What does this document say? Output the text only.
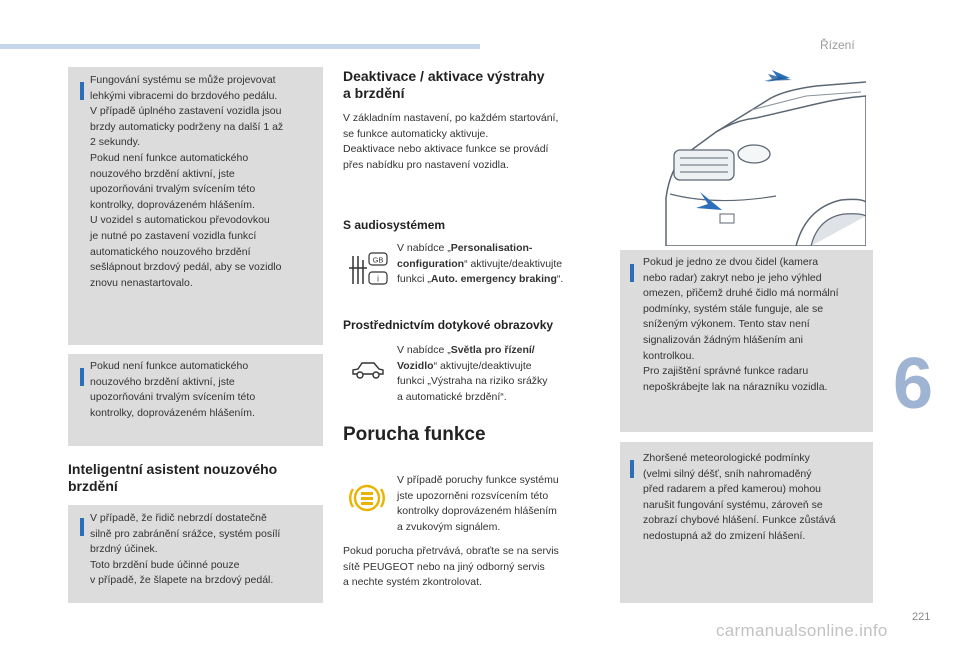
Řízení
6
221
carmanualsonline.info

Fungování systému se může projevovat

lehkými vibracemi do brzdového pedálu.

V případě úplného zastavení vozidla jsou

brzdy automaticky podrženy na další 1 až

2 sekundy.

Pokud není funkce automatického

nouzového brzdění aktivní, jste

upozorňováni trvalým svícením této

kontrolky, doprovázeném hlášením.

U vozidel s automatickou převodovkou

je nutné po zastavení vozidla funkcí

automatického nouzového brzdění

sešlápnout brzdový pedál, aby se vozidlo

znovu nenastartovalo.

Pokud není funkce automatického

nouzového brzdění aktivní, jste

upozorňováni trvalým svícením této

kontrolky, doprovázeném hlášením.

Inteligentní asistent nouzového
brzdění

V případě, že řidič nebrzdí dostatečně

silně pro zabránění srážce, systém posílí

brzdný účinek.

Toto brzdění bude účinné pouze

v případě, že šlapete na brzdový pedál.

Deaktivace / aktivace výstrahy
a brzdění

V základním nastavení, po každém startování,

se funkce automaticky aktivuje.

Deaktivace nebo aktivace funkce se provádí

přes nabídku pro nastavení vozidla.

S audiosystémem
GB
i

V nabídce „Personalisation-

configuration“ aktivujte/deaktivujte

funkci „Auto. emergency braking“.

Prostřednictvím dotykové obrazovky

V nabídce „Světla pro řízení/

Vozidlo“ aktivujte/deaktivujte

funkci „Výstraha na riziko srážky

a automatické brzdění“.

Porucha funkce

V případě poruchy funkce systému

jste upozorněni rozsvícením této

kontrolky doprovázeném hlášením

a zvukovým signálem.

Pokud porucha přetrvává, obraťte se na servis

sítě PEUGEOT nebo na jiný odborný servis

a nechte systém zkontrolovat.

Pokud je jedno ze dvou čidel (kamera

nebo radar) zakryt nebo je jeho výhled

omezen, přičemž druhé čidlo má normální

podmínky, systém stále funguje, ale se

sníženým výkonem. Tento stav není

signalizován žádným hlášením ani

kontrolkou.

Pro zajištění správné funkce radaru

nepoškrábejte lak na nárazníku vozidla.

Zhoršené meteorologické podmínky

(velmi silný déšť, sníh nahromaděný

před radarem a před kamerou) mohou

narušit fungování systému, zároveň se

zobrazí chybové hlášení. Funkce zůstává

nedostupná až do zmizení hlášení.
